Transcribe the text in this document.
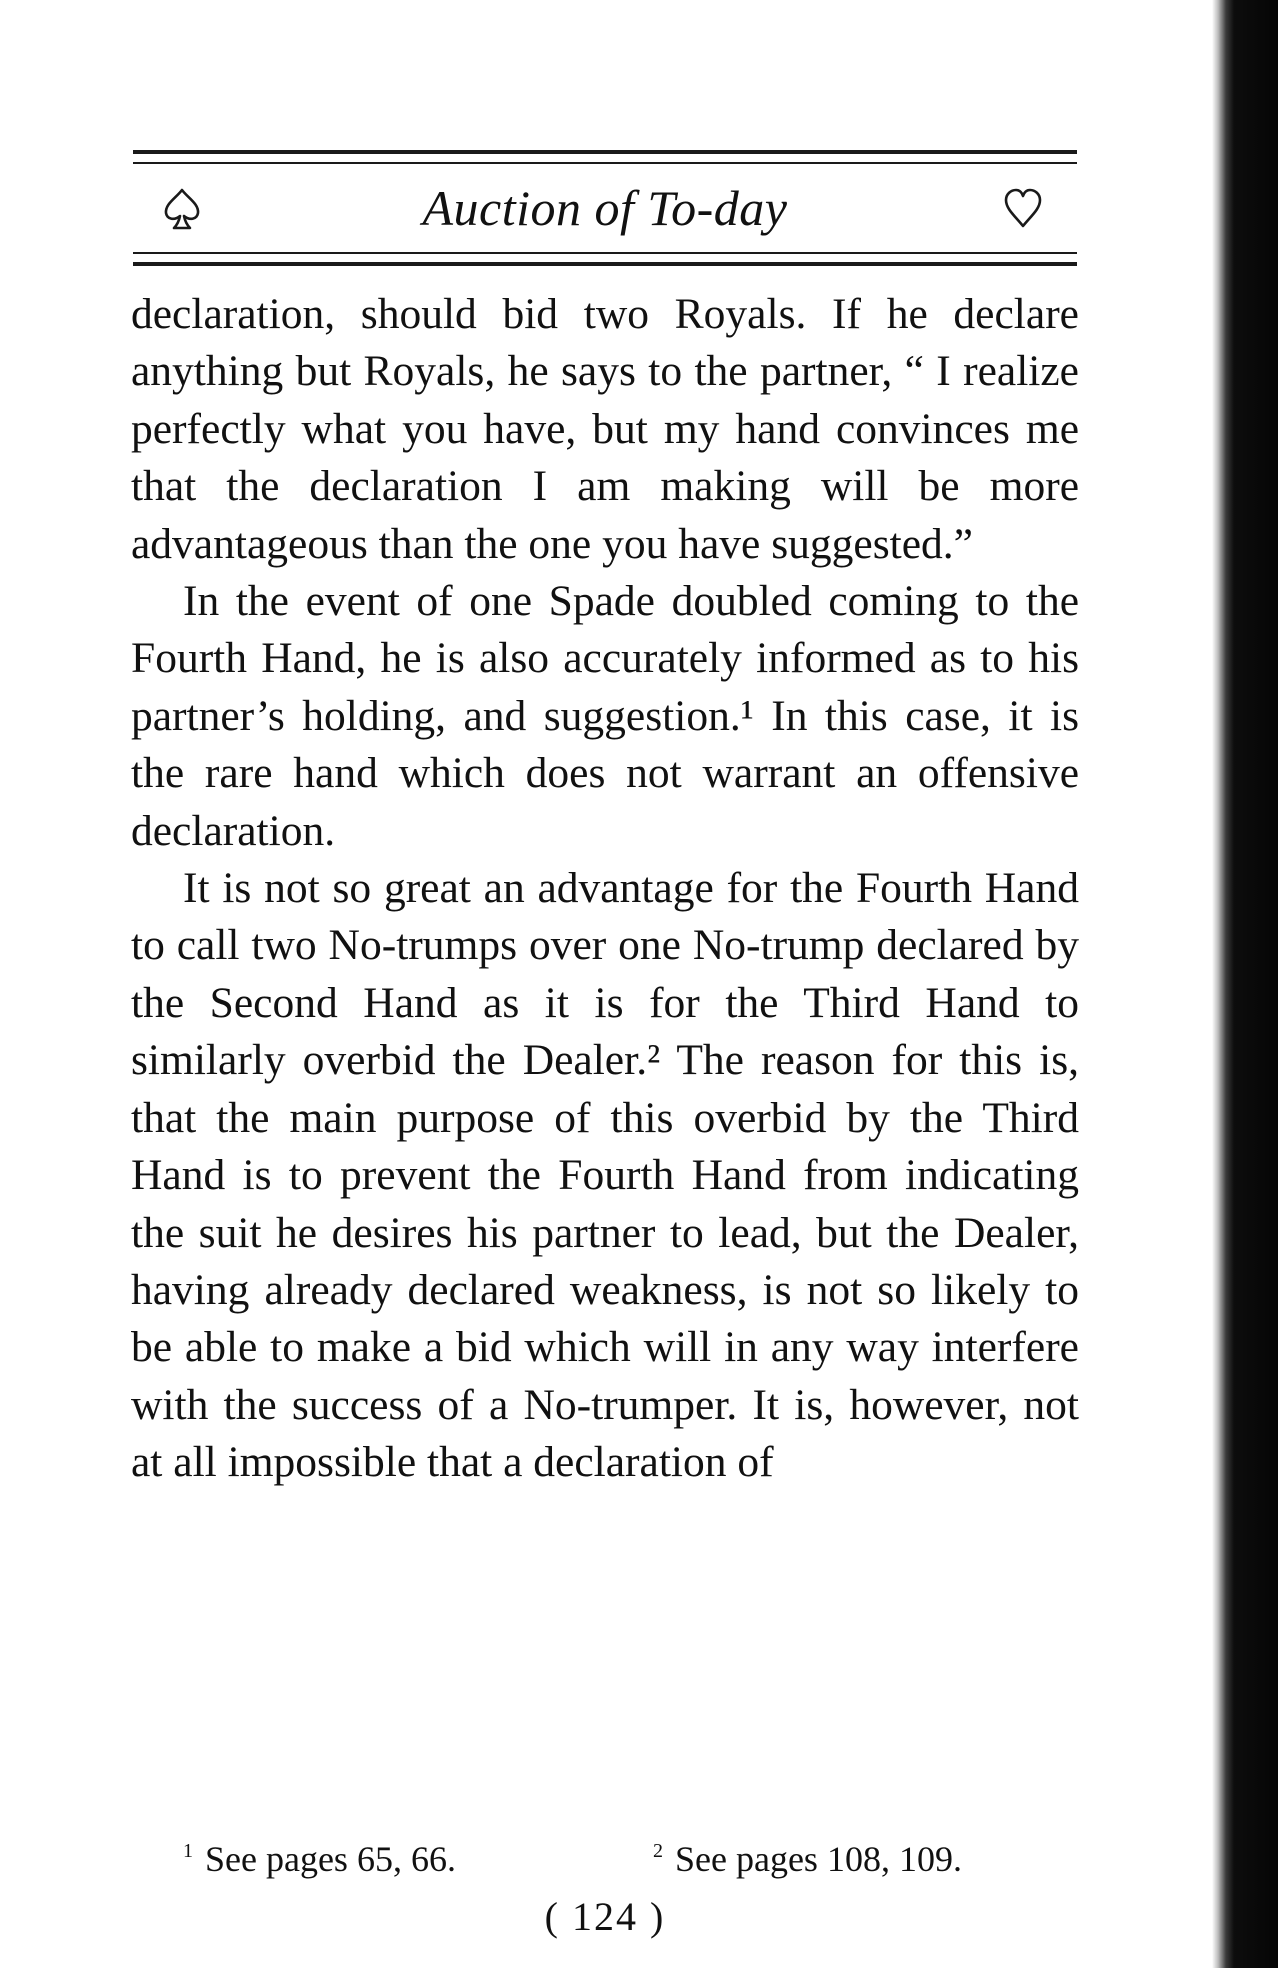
Auction of To-day

declaration, should bid two Royals. If he declare anything but Royals, he says to the partner, “ I realize perfectly what you have, but my hand convinces me that the declaration I am making will be more advantageous than the one you have suggested.”

In the event of one Spade doubled coming to the Fourth Hand, he is also accurately informed as to his partner’s holding, and suggestion.¹ In this case, it is the rare hand which does not warrant an offensive declaration.

It is not so great an advantage for the Fourth Hand to call two No-trumps over one No-trump declared by the Second Hand as it is for the Third Hand to similarly overbid the Dealer.² The reason for this is, that the main purpose of this overbid by the Third Hand is to prevent the Fourth Hand from indicating the suit he desires his partner to lead, but the Dealer, having already declared weakness, is not so likely to be able to make a bid which will in any way interfere with the success of a No-trumper. It is, however, not at all impossible that a declaration of

$^1$ See pages 65, 66.	$^2$ See pages 108, 109.
( 124 )
